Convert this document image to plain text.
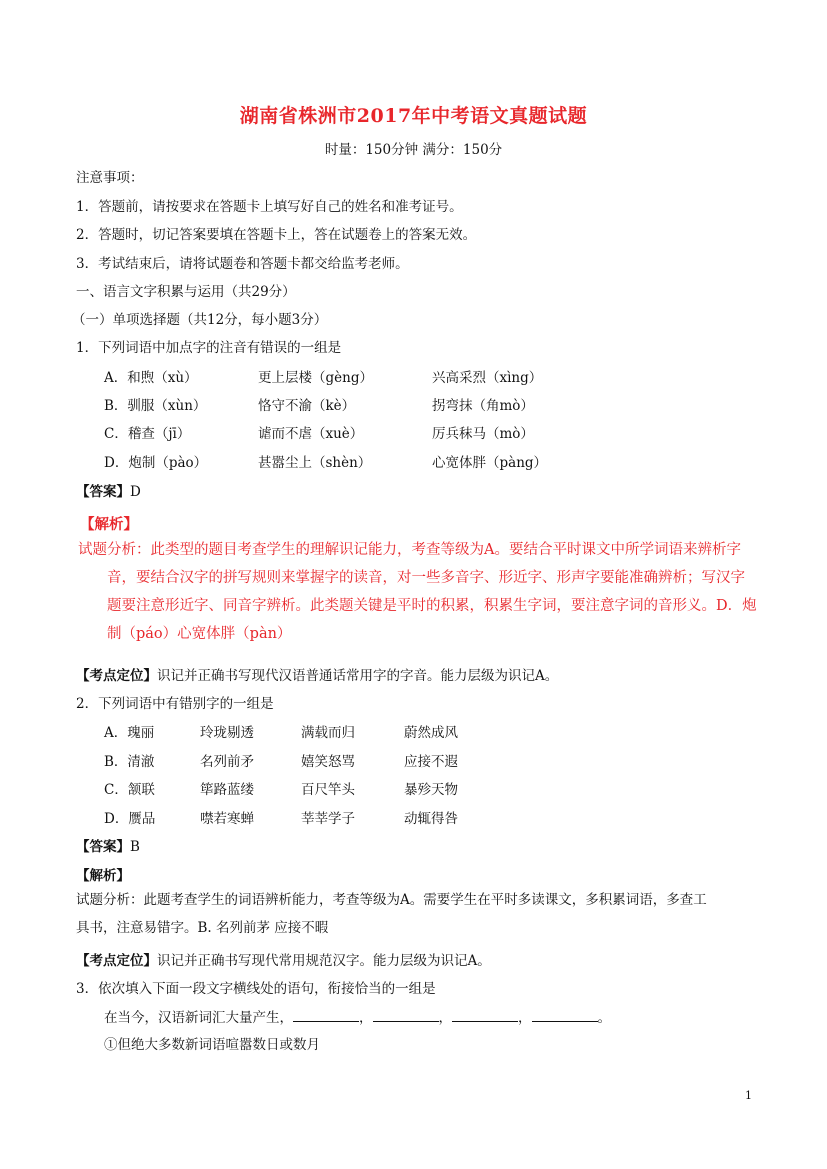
湖南省株洲市2017年中考语文真题试题
时量：150分钟 满分：150分
注意事项：
1．答题前，请按要求在答题卡上填写好自己的姓名和准考证号。
2．答题时，切记答案要填在答题卡上，答在试题卷上的答案无效。
3．考试结束后，请将试题卷和答题卡都交给监考老师。
一、语言文字积累与运用（共29分）
（一）单项选择题（共12分，每小题3分）
1．下列词语中加点字的注音有错误的一组是
A．和煦（xù）	更上层楼（gèng）	兴高采烈（xìng）
B．驯服（xùn）	恪守不渝（kè）	拐弯抹（角mò）
C．稽查（jī）	谑而不虐（xuè）	厉兵秣马（mò）
D．炮制（pào）	甚嚣尘上（shèn）	心宽体胖（pàng）
【答案】D
【解析】
试题分析：此类型的题目考查学生的理解识记能力，考查等级为A。要结合平时课文中所学词语来辨析字
音，要结合汉字的拼写规则来掌握字的读音，对一些多音字、形近字、形声字要能准确辨析；写汉字
题要注意形近字、同音字辨析。此类题关键是平时的积累，积累生字词，要注意字词的音形义。D．炮
制（páo）心宽体胖（pàn）
【考点定位】识记并正确书写现代汉语普通话常用字的字音。能力层级为识记A。
2．下列词语中有错别字的一组是
A．瑰丽	玲珑剔透	满载而归	蔚然成风
B．清澈	名列前矛	嬉笑怒骂	应接不遐
C．颔联	筚路蓝缕	百尺竿头	暴殄天物
D．赝品	噤若寒蝉	莘莘学子	动辄得咎
【答案】B
【解析】
试题分析：此题考查学生的词语辨析能力，考查等级为A。需要学生在平时多读课文，多积累词语，多查工
具书，注意易错字。B. 名列前茅 应接不暇
【考点定位】识记并正确书写现代常用规范汉字。能力层级为识记A。
3．依次填入下面一段文字横线处的语句，衔接恰当的一组是
在当今，汉语新词汇大量产生，	，	，	，	。
①但绝大多数新词语喧嚣数日或数月
1
